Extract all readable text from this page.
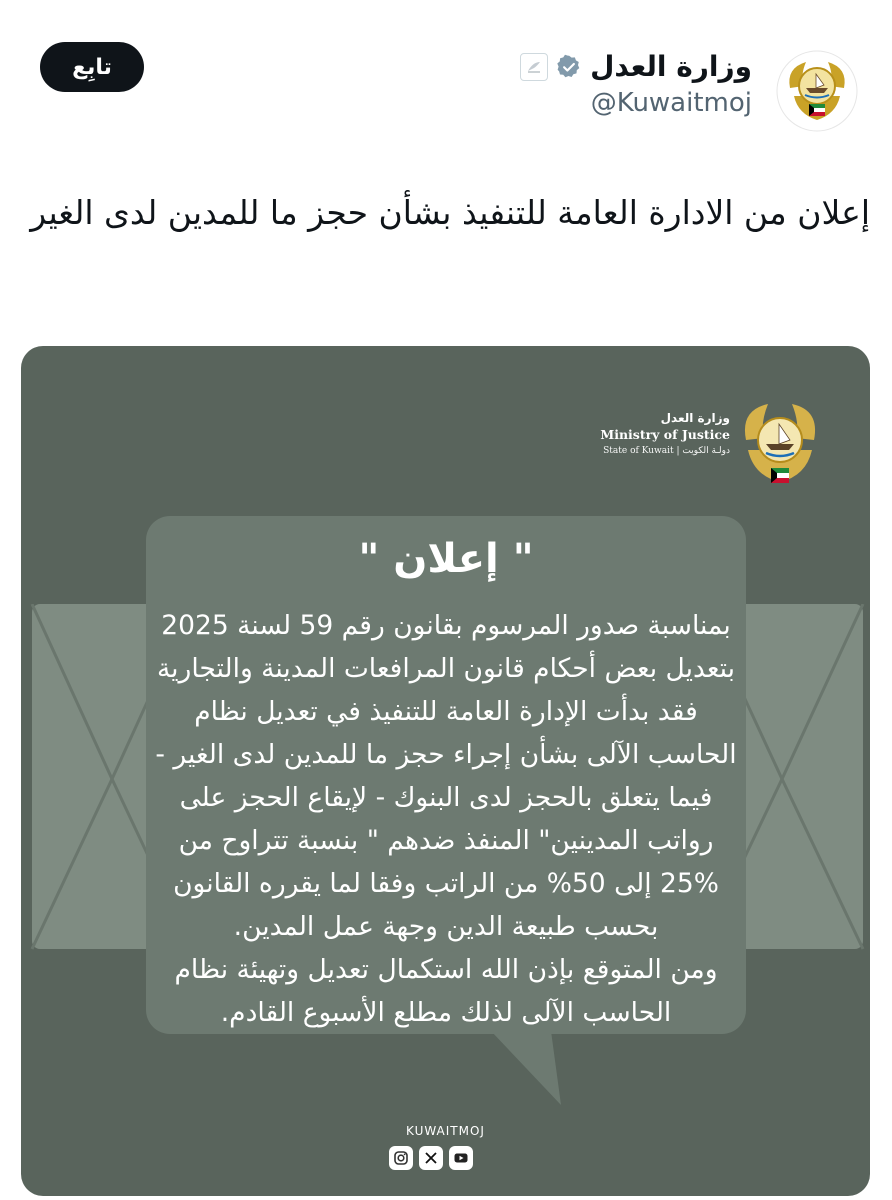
تابِع	وزارة العدل
@Kuwaitmoj
إعلان من الادارة العامة للتنفيذ بشأن حجز ما للمدين لدى الغير
وزارة العدل
Ministry of Justice
State of Kuwait | دولـة الكويت
" إعلان "
بمناسبة صدور المرسوم بقانون رقم 59 لسنة 2025
بتعديل بعض أحكام قانون المرافعات المدينة والتجارية
فقد بدأت الإدارة العامة للتنفيذ في تعديل نظام
الحاسب الآلى بشأن إجراء حجز ما للمدين لدى الغير -
فيما يتعلق بالحجز لدى البنوك - لإيقاع الحجز على
رواتب المدينين" المنفذ ضدهم " بنسبة تتراوح من
25% إلى 50% من الراتب وفقا لما يقرره القانون
بحسب طبيعة الدين وجهة عمل المدين.
ومن المتوقع بإذن الله استكمال تعديل وتهيئة نظام
الحاسب الآلى لذلك مطلع الأسبوع القادم.
KUWAITMOJ
